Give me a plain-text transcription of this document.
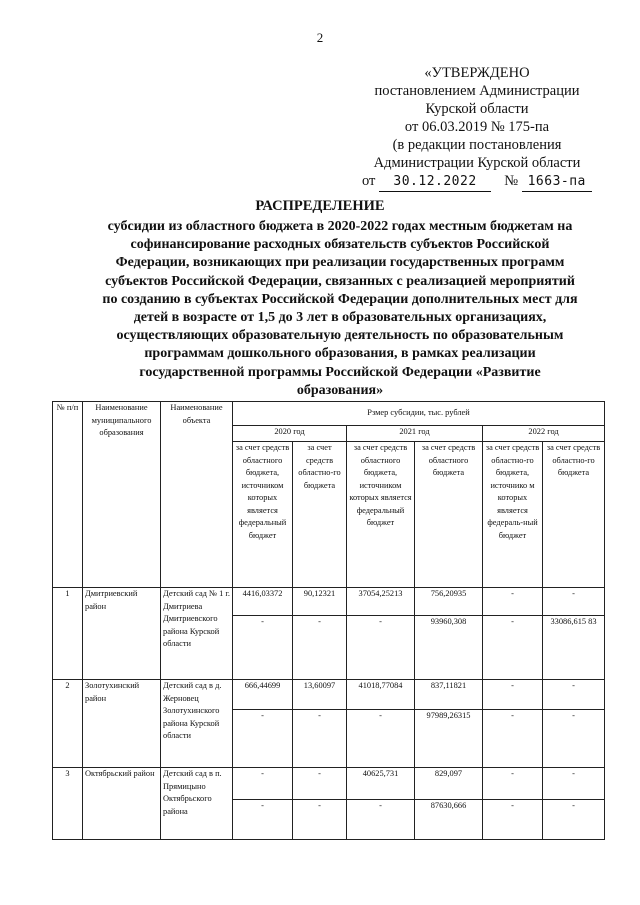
2
«УТВЕРЖДЕНО
постановлением Администрации
Курской области
от 06.03.2019 № 175-па
(в редакции постановления
Администрации Курской области
от 30.12.2022 № 1663-па
РАСПРЕДЕЛЕНИЕ
субсидии из областного бюджета в 2020-2022 годах местным бюджетам на софинансирование расходных обязательств субъектов Российской Федерации, возникающих при реализации государственных программ субъектов Российской Федерации, связанных с реализацией мероприятий по созданию в субъектах Российской Федерации дополнительных мест для детей в возрасте от 1,5 до 3 лет в образовательных организациях, осуществляющих образовательную деятельность по образовательным программам дошкольного образования, в рамках реализации государственной программы Российской Федерации «Развитие образования»
№ п/п	Наименование муниципального образования	Наименование объекта	Рзмер субсидии, тыс. рублей					
			2020 год		2021 год		2022 год	
			за счет средств областного бюджета, источником которых является федеральный бюджет	за счет средств областно-го бюджета	за счет средств областного бюджета, источником которых является федеральный бюджет	за счет средств областного бюджета	за счет средств областно-го бюджета, источнико м которых является федераль-ный бюджет	за счет средств областно-го бюджета
1	Дмитриевский район	Детский сад № 1 г. Дмитриева Дмитриевского района Курской области	4416,03372	90,12321	37054,25213	756,20935	-	-
			-	-	-	93960,308	-	33086,615 83
2	Золотухинский район	Детский сад в д. Жерновец Золотухинского района Курской области	666,44699	13,60097	41018,77084	837,11821	-	-
			-	-	-	97989,26315	-	-
3	Октябрьский район	Детский сад в п. Прямицыно Октябрьского района	-	-	40625,731	829,097	-	-
			-	-	-	87630,666	-	-
